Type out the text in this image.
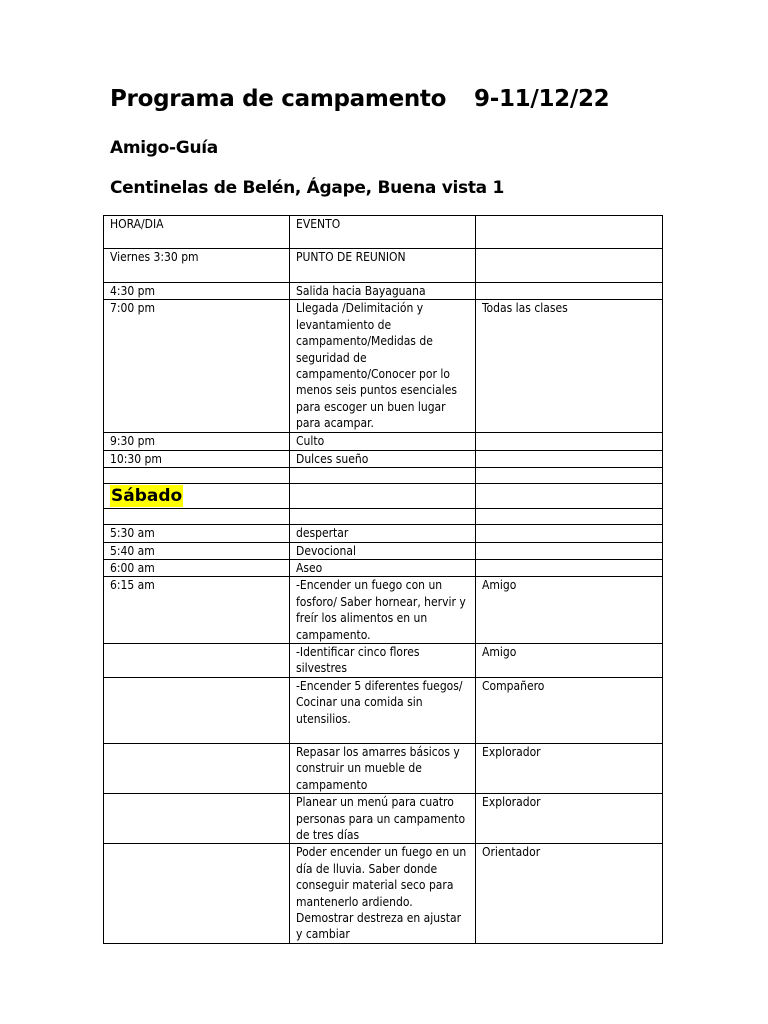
Programa de campamento 9-11/12/22
Amigo-Guía
Centinelas de Belén, Ágape, Buena vista 1
HORA/DIA	EVENTO	
Viernes 3:30 pm	PUNTO DE REUNION	
4:30 pm	Salida hacia Bayaguana	
7:00 pm	Llegada /Delimitación y levantamiento de campamento/Medidas de seguridad de campamento/Conocer por lo menos seis puntos esenciales para escoger un buen lugar para acampar.	Todas las clases
9:30 pm	Culto	
10:30 pm	Dulces sueño	

Sábado		

5:30 am	despertar	
5:40 am	Devocional	
6:00 am	Aseo	
6:15 am	-Encender un fuego con un fosforo/ Saber hornear, hervir y freír los alimentos en un campamento.	Amigo
	-Identificar cinco flores silvestres	Amigo
	-Encender 5 diferentes fuegos/ Cocinar una comida sin utensilios.	Compañero
	Repasar los amarres básicos y construir un mueble de campamento	Explorador
	Planear un menú para cuatro personas para un campamento de tres días	Explorador
	Poder encender un fuego en un día de lluvia. Saber donde conseguir material seco para mantenerlo ardiendo. Demostrar destreza en ajustar y cambiar	Orientador
